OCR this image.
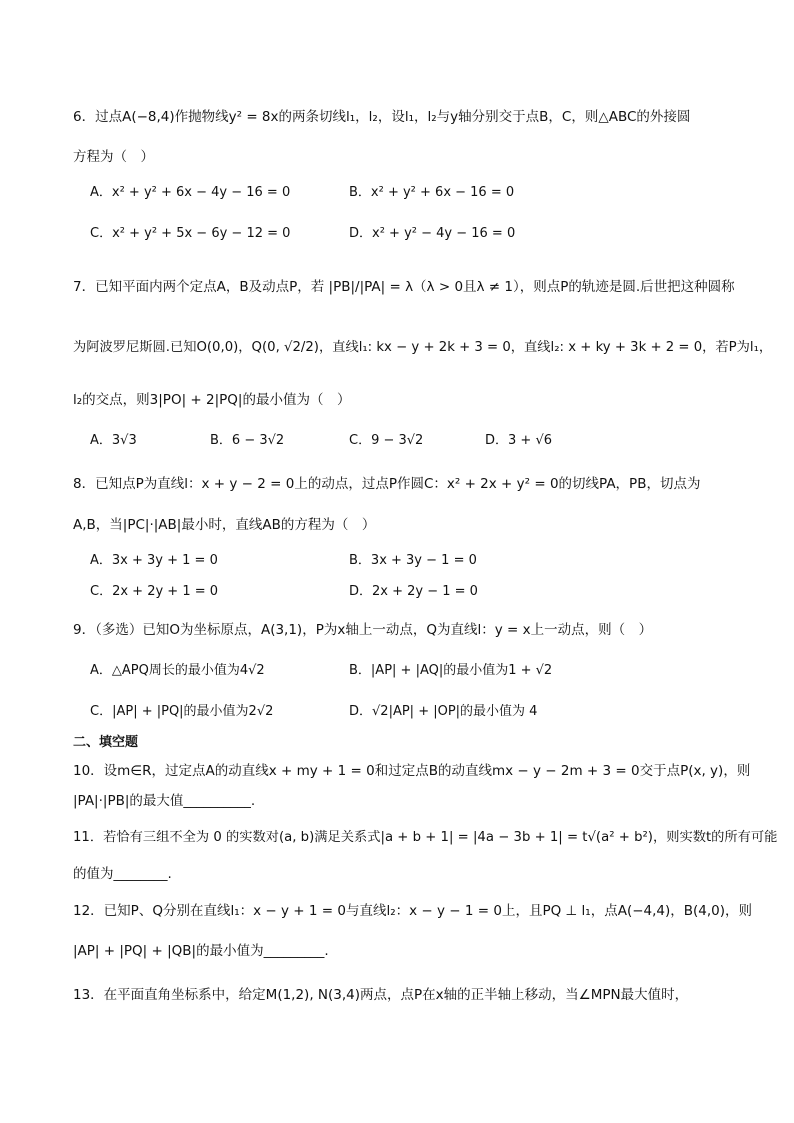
6．过点A(−8,4)作抛物线y² = 8x的两条切线l₁，l₂，设l₁，l₂与y轴分别交于点B，C，则△ABC的外接圆
方程为（　）
A．x² + y² + 6x − 4y − 16 = 0	B．x² + y² + 6x − 16 = 0
C．x² + y² + 5x − 6y − 12 = 0	D．x² + y² − 4y − 16 = 0
7．已知平面内两个定点A，B及动点P，若 |PB|/|PA| = λ（λ > 0且λ ≠ 1），则点P的轨迹是圆.后世把这种圆称
为阿波罗尼斯圆.已知O(0,0)，Q(0, √2/2)，直线l₁: kx − y + 2k + 3 = 0，直线l₂: x + ky + 3k + 2 = 0，若P为l₁，
l₂的交点，则3|PO| + 2|PQ|的最小值为（　）
A．3√3	B．6 − 3√2	C．9 − 3√2	D．3 + √6
8．已知点P为直线l：x + y − 2 = 0上的动点，过点P作圆C：x² + 2x + y² = 0的切线PA，PB，切点为
A,B，当|PC|·|AB|最小时，直线AB的方程为（　）
A．3x + 3y + 1 = 0	B．3x + 3y − 1 = 0
C．2x + 2y + 1 = 0	D．2x + 2y − 1 = 0
9．（多选）已知O为坐标原点，A(3,1)，P为x轴上一动点，Q为直线l：y = x上一动点，则（　）
A．△APQ周长的最小值为4√2	B．|AP| + |AQ|的最小值为1 + √2
C．|AP| + |PQ|的最小值为2√2	D．√2|AP| + |OP|的最小值为 4
二、填空题
10．设m∈R，过定点A的动直线x + my + 1 = 0和过定点B的动直线mx − y − 2m + 3 = 0交于点P(x, y)，则
|PA|·|PB|的最大值__________.
11．若恰有三组不全为 0 的实数对(a, b)满足关系式|a + b + 1| = |4a − 3b + 1| = t√(a² + b²)，则实数t的所有可能
的值为________.
12．已知P、Q分别在直线l₁：x − y + 1 = 0与直线l₂：x − y − 1 = 0上，且PQ ⊥ l₁，点A(−4,4)，B(4,0)，则
|AP| + |PQ| + |QB|的最小值为_________.
13．在平面直角坐标系中，给定M(1,2), N(3,4)两点，点P在x轴的正半轴上移动，当∠MPN最大值时，
